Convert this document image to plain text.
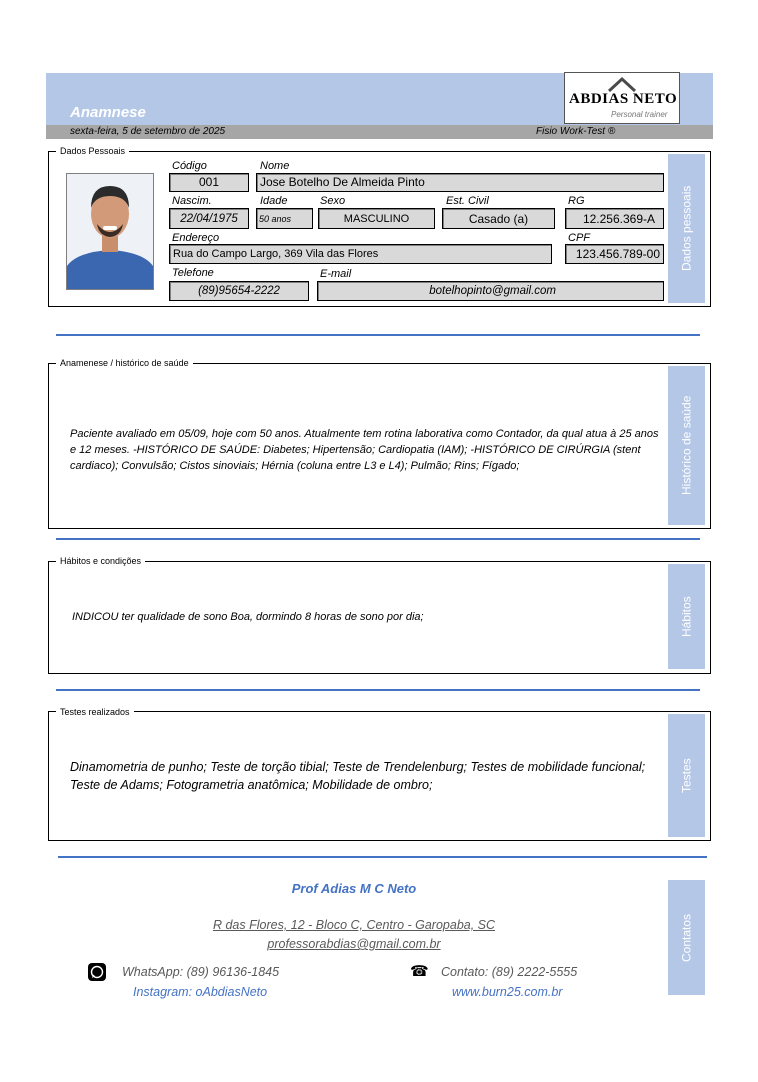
Anamnese
sexta-feira, 5 de setembro de 2025	Fisio Work-Test ®
ABDIAS NETO
Personal trainer
Dados Pessoais
Dados pessoais
Código	Nome
001	Jose Botelho De Almeida Pinto
Nascim.	Idade	Sexo	Est. Civil	RG
22/04/1975	50 anos	MASCULINO	Casado (a)	12.256.369-A
Endereço	CPF
Rua do Campo Largo, 369 Vila das Flores	123.456.789-00
Telefone	E-mail
(89)95654-2222	botelhopinto@gmail.com
Anamenese / histórico de saúde
Histórico de saúde
Paciente avaliado em 05/09, hoje com 50 anos. Atualmente tem rotina laborativa como Contador, da qual atua à 25 anos e 12 meses. -HISTÓRICO DE SAÚDE: Diabetes; Hipertensão; Cardiopatia (IAM); -HISTÓRICO DE CIRÚRGIA (stent cardiaco); Convulsão; Cistos sinoviais; Hérnia (coluna entre L3 e L4); Pulmão; Rins; Fígado;
Hábitos e condições
Hábitos
INDICOU ter qualidade de sono Boa, dormindo 8 horas de sono por dia;
Testes realizados
Testes
Dinamometria de punho; Teste de torção tibial; Teste de Trendelenburg; Testes de mobilidade funcional; Teste de Adams; Fotogrametria anatômica; Mobilidade de ombro;
Contatos
Prof Adias M C Neto
R das Flores, 12 - Bloco C, Centro - Garopaba, SC
professorabdias@gmail.com.br
WhatsApp: (89) 96136-1845
Instagram: oAbdiasNeto
☎ Contato: (89) 2222-5555
www.burn25.com.br
